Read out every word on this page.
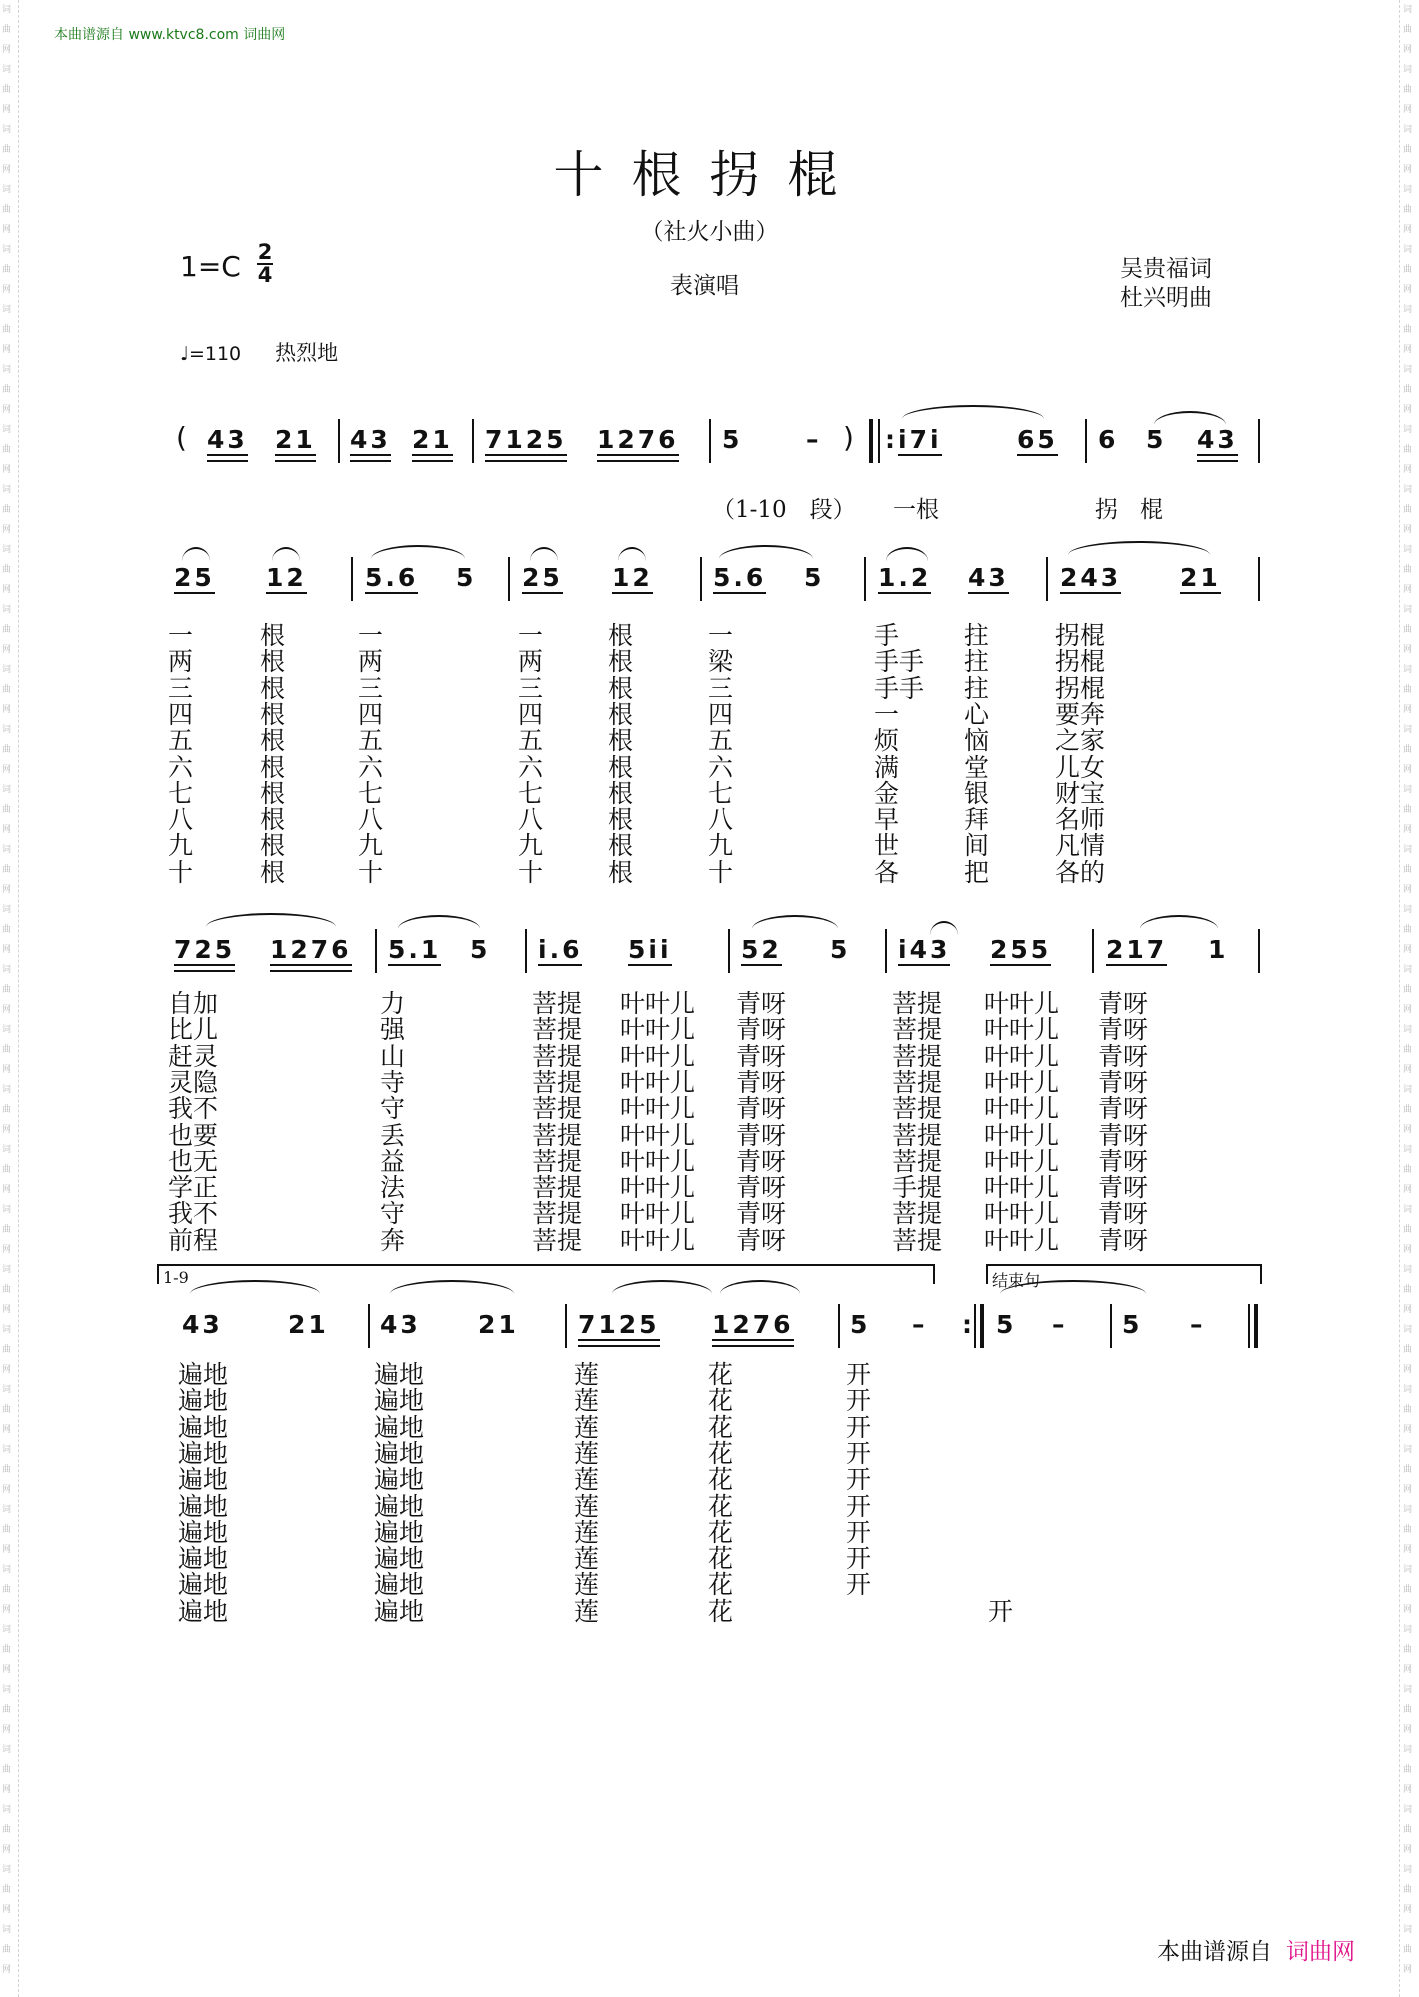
词
曲
网
词
曲
网
词
曲
网
词
曲
网
词
曲
网
词
曲
网
词
曲
网
词
曲
网
词
曲
网
词
曲
网
词
曲
网
词
曲
网
词
曲
网
词
曲
网
词
曲
网
词
曲
网
词
曲
网
词
曲
网
词
曲
网
词
曲
网
词
曲
网
词
曲
网
词
曲
网
词
曲
网
词
曲
网
词
曲
网
词
曲
网
词
曲
网
词
曲
网
词
曲
网
词
曲
网
词
曲
网
词
曲
网
词
曲
网
词
曲
网
词
曲
网
词
曲
网
词
曲
网
词
曲
网
词
曲
网
词
曲
网
词
曲
网
词
曲
网
词
曲
网
词
曲
网
词
曲
网
词
曲
网
词
曲
网
词
曲
网
词
曲
网
词
曲
网
词
曲
网
词
曲
网
词
曲
网
词
曲
网
词
曲
网
词
曲
网
词
曲
网
词
曲
网
词
曲
网
词
曲
网
词
曲
网
词
曲
网
词
曲
网
词
曲
网
词
曲
网
本曲谱源自 www.ktvc8.com 词曲网
十根拐棍
（社火小曲）
1=C 2
4	表演唱
吴贵福词
杜兴明曲
♩=110 热烈地
( 43 21 43 21 7125 1276 5	– ) : i7i	65 6 5 43
（1-10　段） 一根	拐 棍
25 12 5.6 5 25 12 5.6 5 1.2 43 243 21
一	根	一	一	根	一	手	拄	拐棍
两	根	两	两	根	梁	手手 拄	拐棍
三	根	三	三	根	三	手手 拄	拐棍
四	根	四	四	根	四	一	心	要奔
五	根	五	五	根	五	烦	恼	之家
六	根	六	六	根	六	满	堂	儿女
七	根	七	七	根	七	金	银	财宝
八	根	八	八	根	八	早	拜	名师
九	根	九	九	根	九	世	间	凡情
十	根	十	十	根	十	各	把	各的
725 1276 5.1 5 i.6 5ii	52 5 i43 255 217 1
自加	力	菩提 叶叶儿 青呀	菩提 叶叶儿 青呀
比儿	强	菩提 叶叶儿 青呀	菩提 叶叶儿 青呀
赶灵	山	菩提 叶叶儿 青呀	菩提 叶叶儿 青呀
灵隐	寺	菩提 叶叶儿 青呀	菩提 叶叶儿 青呀
我不	守	菩提 叶叶儿 青呀	菩提 叶叶儿 青呀
也要	丢	菩提 叶叶儿 青呀	菩提 叶叶儿 青呀
也无	益	菩提 叶叶儿 青呀	菩提 叶叶儿 青呀
学正	法	菩提 叶叶儿 青呀	手提 叶叶儿 青呀
我不	守	菩提 叶叶儿 青呀	菩提 叶叶儿 青呀
前程	奔	菩提 叶叶儿 青呀	菩提 叶叶儿 青呀
1-9	结束句
43	21 43 21 7125 1276 5 – : 5 – 5 –
遍地	遍地	莲	花	开
遍地	遍地	莲	花	开
遍地	遍地	莲	花	开
遍地	遍地	莲	花	开
遍地	遍地	莲	花	开
遍地	遍地	莲	花	开
遍地	遍地	莲	花	开
遍地	遍地	莲	花	开
遍地	遍地	莲	花	开
遍地	遍地	莲	花	开
本曲谱源自 词曲网
